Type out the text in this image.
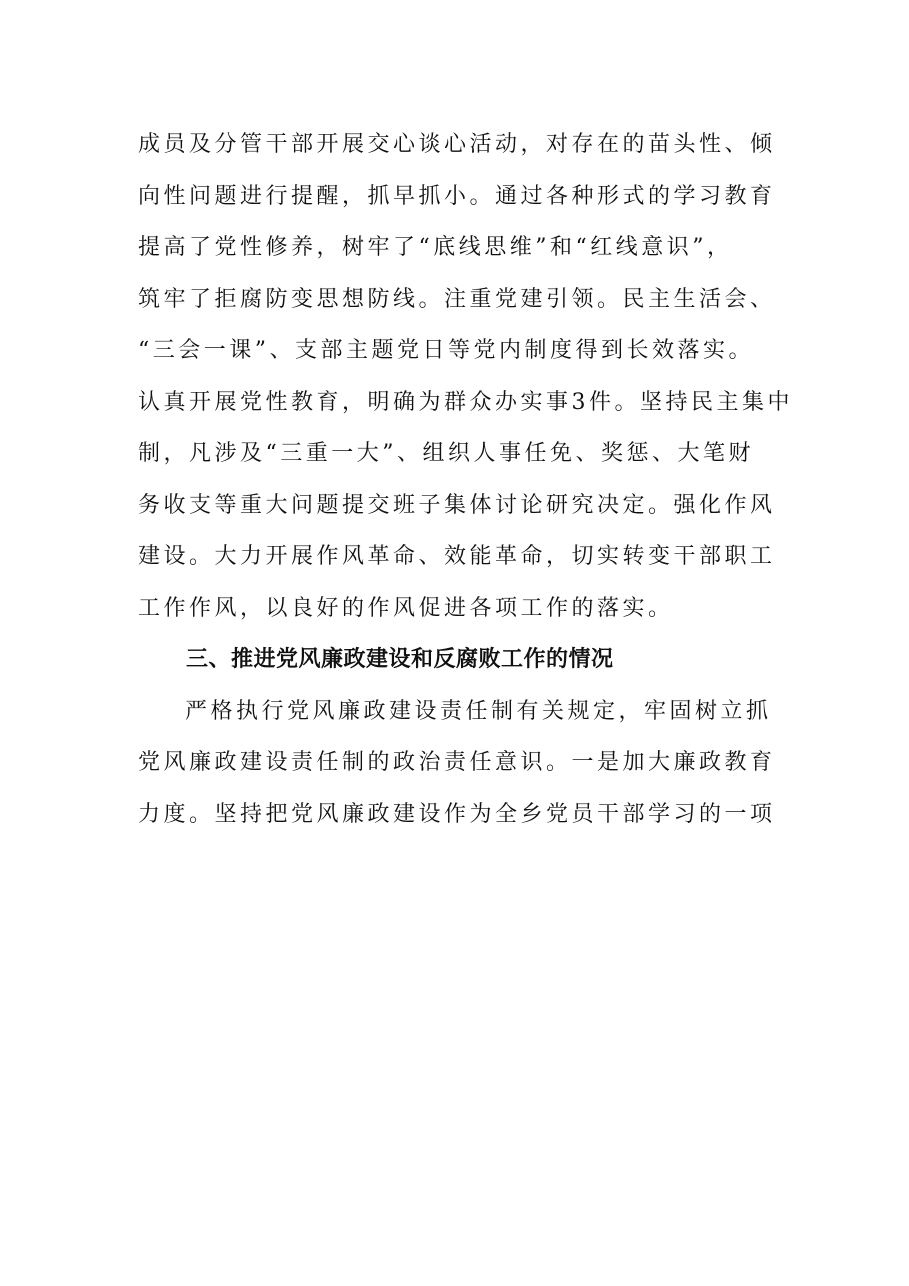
成员及分管干部开展交心谈心活动，对存在的苗头性、倾
向性问题进行提醒，抓早抓小。通过各种形式的学习教育
提高了党性修养，树牢了“底线思维”和“红线意识”，
筑牢了拒腐防变思想防线。注重党建引领。民主生活会、
“三会一课”、支部主题党日等党内制度得到长效落实。
认真开展党性教育，明确为群众办实事3件。坚持民主集中
制，凡涉及“三重一大”、组织人事任免、奖惩、大笔财
务收支等重大问题提交班子集体讨论研究决定。强化作风
建设。大力开展作风革命、效能革命，切实转变干部职工
工作作风，以良好的作风促进各项工作的落实。
三、推进党风廉政建设和反腐败工作的情况
严格执行党风廉政建设责任制有关规定，牢固树立抓
党风廉政建设责任制的政治责任意识。一是加大廉政教育
力度。坚持把党风廉政建设作为全乡党员干部学习的一项
